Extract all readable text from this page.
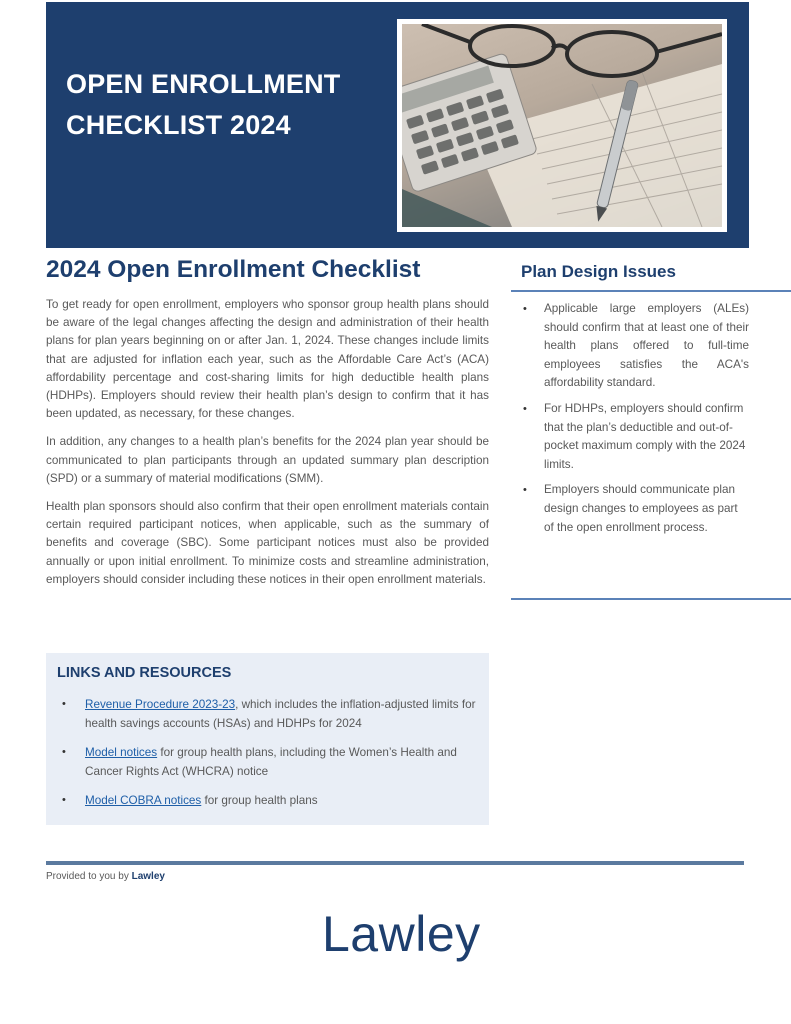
OPEN ENROLLMENT
CHECKLIST 2024
2024 Open Enrollment Checklist

To get ready for open enrollment, employers who sponsor group health plans should be aware of the legal changes affecting the design and administration of their health plans for plan years beginning on or after Jan. 1, 2024. These changes include limits that are adjusted for inflation each year, such as the Affordable Care Act’s (ACA) affordability percentage and cost-sharing limits for high deductible health plans (HDHPs). Employers should review their health plan’s design to confirm that it has been updated, as necessary, for these changes.

In addition, any changes to a health plan’s benefits for the 2024 plan year should be communicated to plan participants through an updated summary plan description (SPD) or a summary of material modifications (SMM).

Health plan sponsors should also confirm that their open enrollment materials contain certain required participant notices, when applicable, such as the summary of benefits and coverage (SBC). Some participant notices must also be provided annually or upon initial enrollment. To minimize costs and streamline administration, employers should consider including these notices in their open enrollment materials.

LINKS AND RESOURCES
• Revenue Procedure 2023-23, which includes the inflation-adjusted limits for health savings accounts (HSAs) and HDHPs for 2024
• Model notices for group health plans, including the Women’s Health and Cancer Rights Act (WHCRA) notice
• Model COBRA notices for group health plans
Plan Design Issues
• Applicable large employers (ALEs) should confirm that at least one of their health plans offered to full-time employees satisfies the ACA's affordability standard.
• For HDHPs, employers should confirm that the plan’s deductible and out-of-pocket maximum comply with the 2024 limits.
• Employers should communicate plan design changes to employees as part of the open enrollment process.
Provided to you by Lawley
Lawley
